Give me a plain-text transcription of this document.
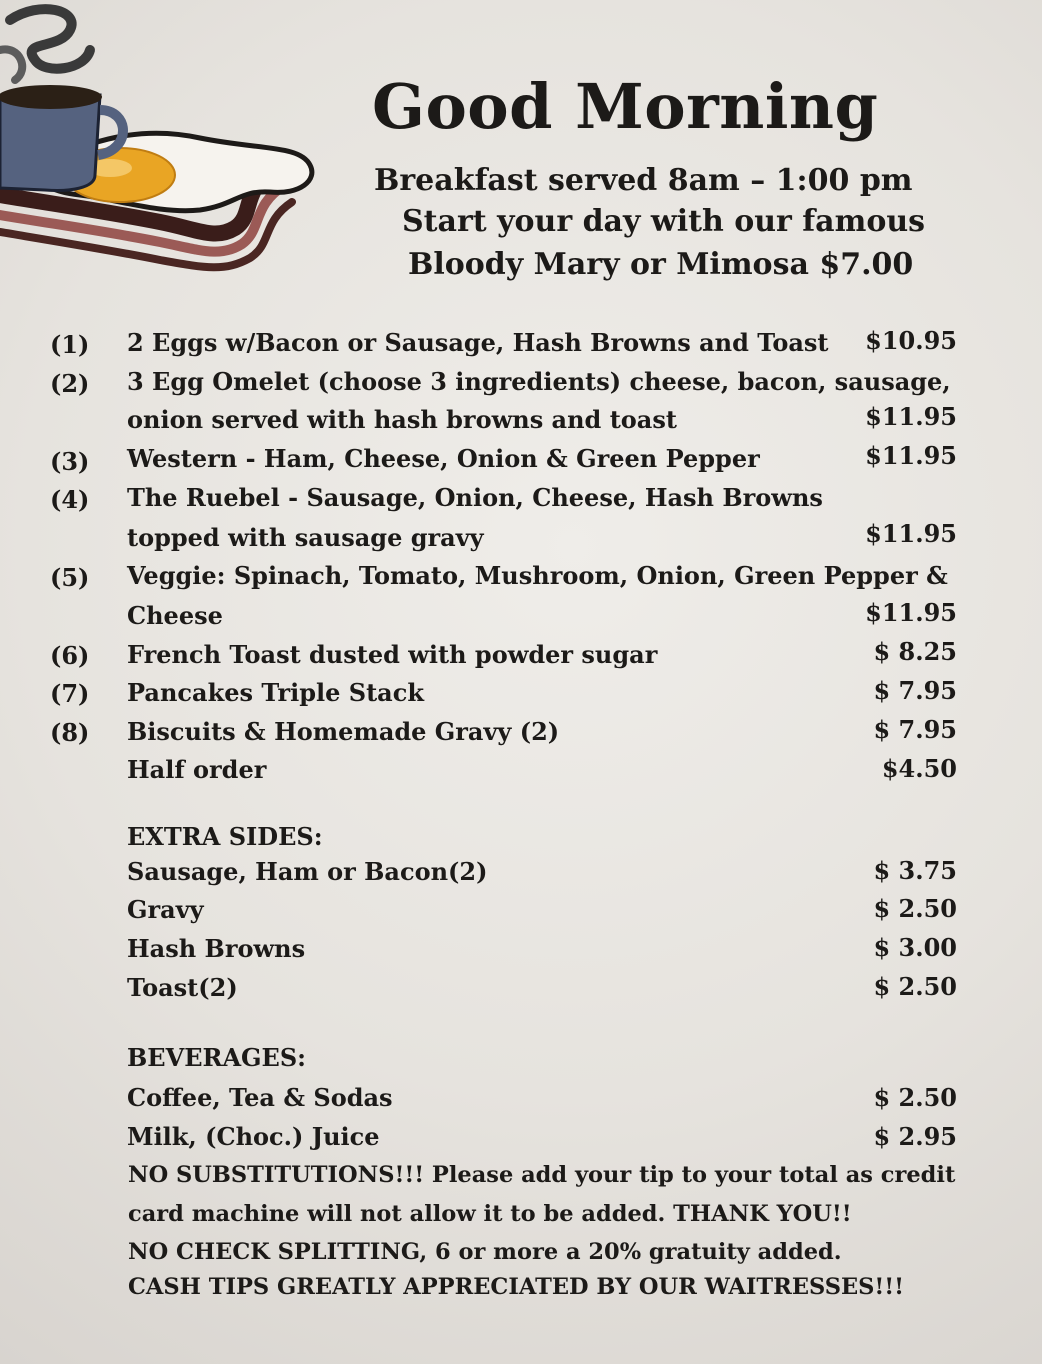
Good Morning
Breakfast served 8am – 1:00 pm
Start your day with our famous
Bloody Mary or Mimosa $7.00
(1) 2 Eggs w/Bacon or Sausage, Hash Browns and Toast $10.95
(2) 3 Egg Omelet (choose 3 ingredients) cheese, bacon, sausage,
onion served with hash browns and toast	$11.95
(3) Western - Ham, Cheese, Onion & Green Pepper	$11.95
(4) The Ruebel - Sausage, Onion, Cheese, Hash Browns
topped with sausage gravy	$11.95
(5) Veggie: Spinach, Tomato, Mushroom, Onion, Green Pepper &
Cheese	$11.95
(6) French Toast dusted with powder sugar	$ 8.25
(7) Pancakes Triple Stack	$ 7.95
(8) Biscuits & Homemade Gravy (2)	$ 7.95
Half order	$4.50
EXTRA SIDES:
Sausage, Ham or Bacon(2)	$ 3.75
Gravy	$ 2.50
Hash Browns	$ 3.00
Toast(2)	$ 2.50
BEVERAGES:
Coffee, Tea & Sodas	$ 2.50
Milk, (Choc.) Juice	$ 2.95
NO SUBSTITUTIONS!!! Please add your tip to your total as credit
card machine will not allow it to be added. THANK YOU!!
NO CHECK SPLITTING, 6 or more a 20% gratuity added.
CASH TIPS GREATLY APPRECIATED BY OUR WAITRESSES!!!
